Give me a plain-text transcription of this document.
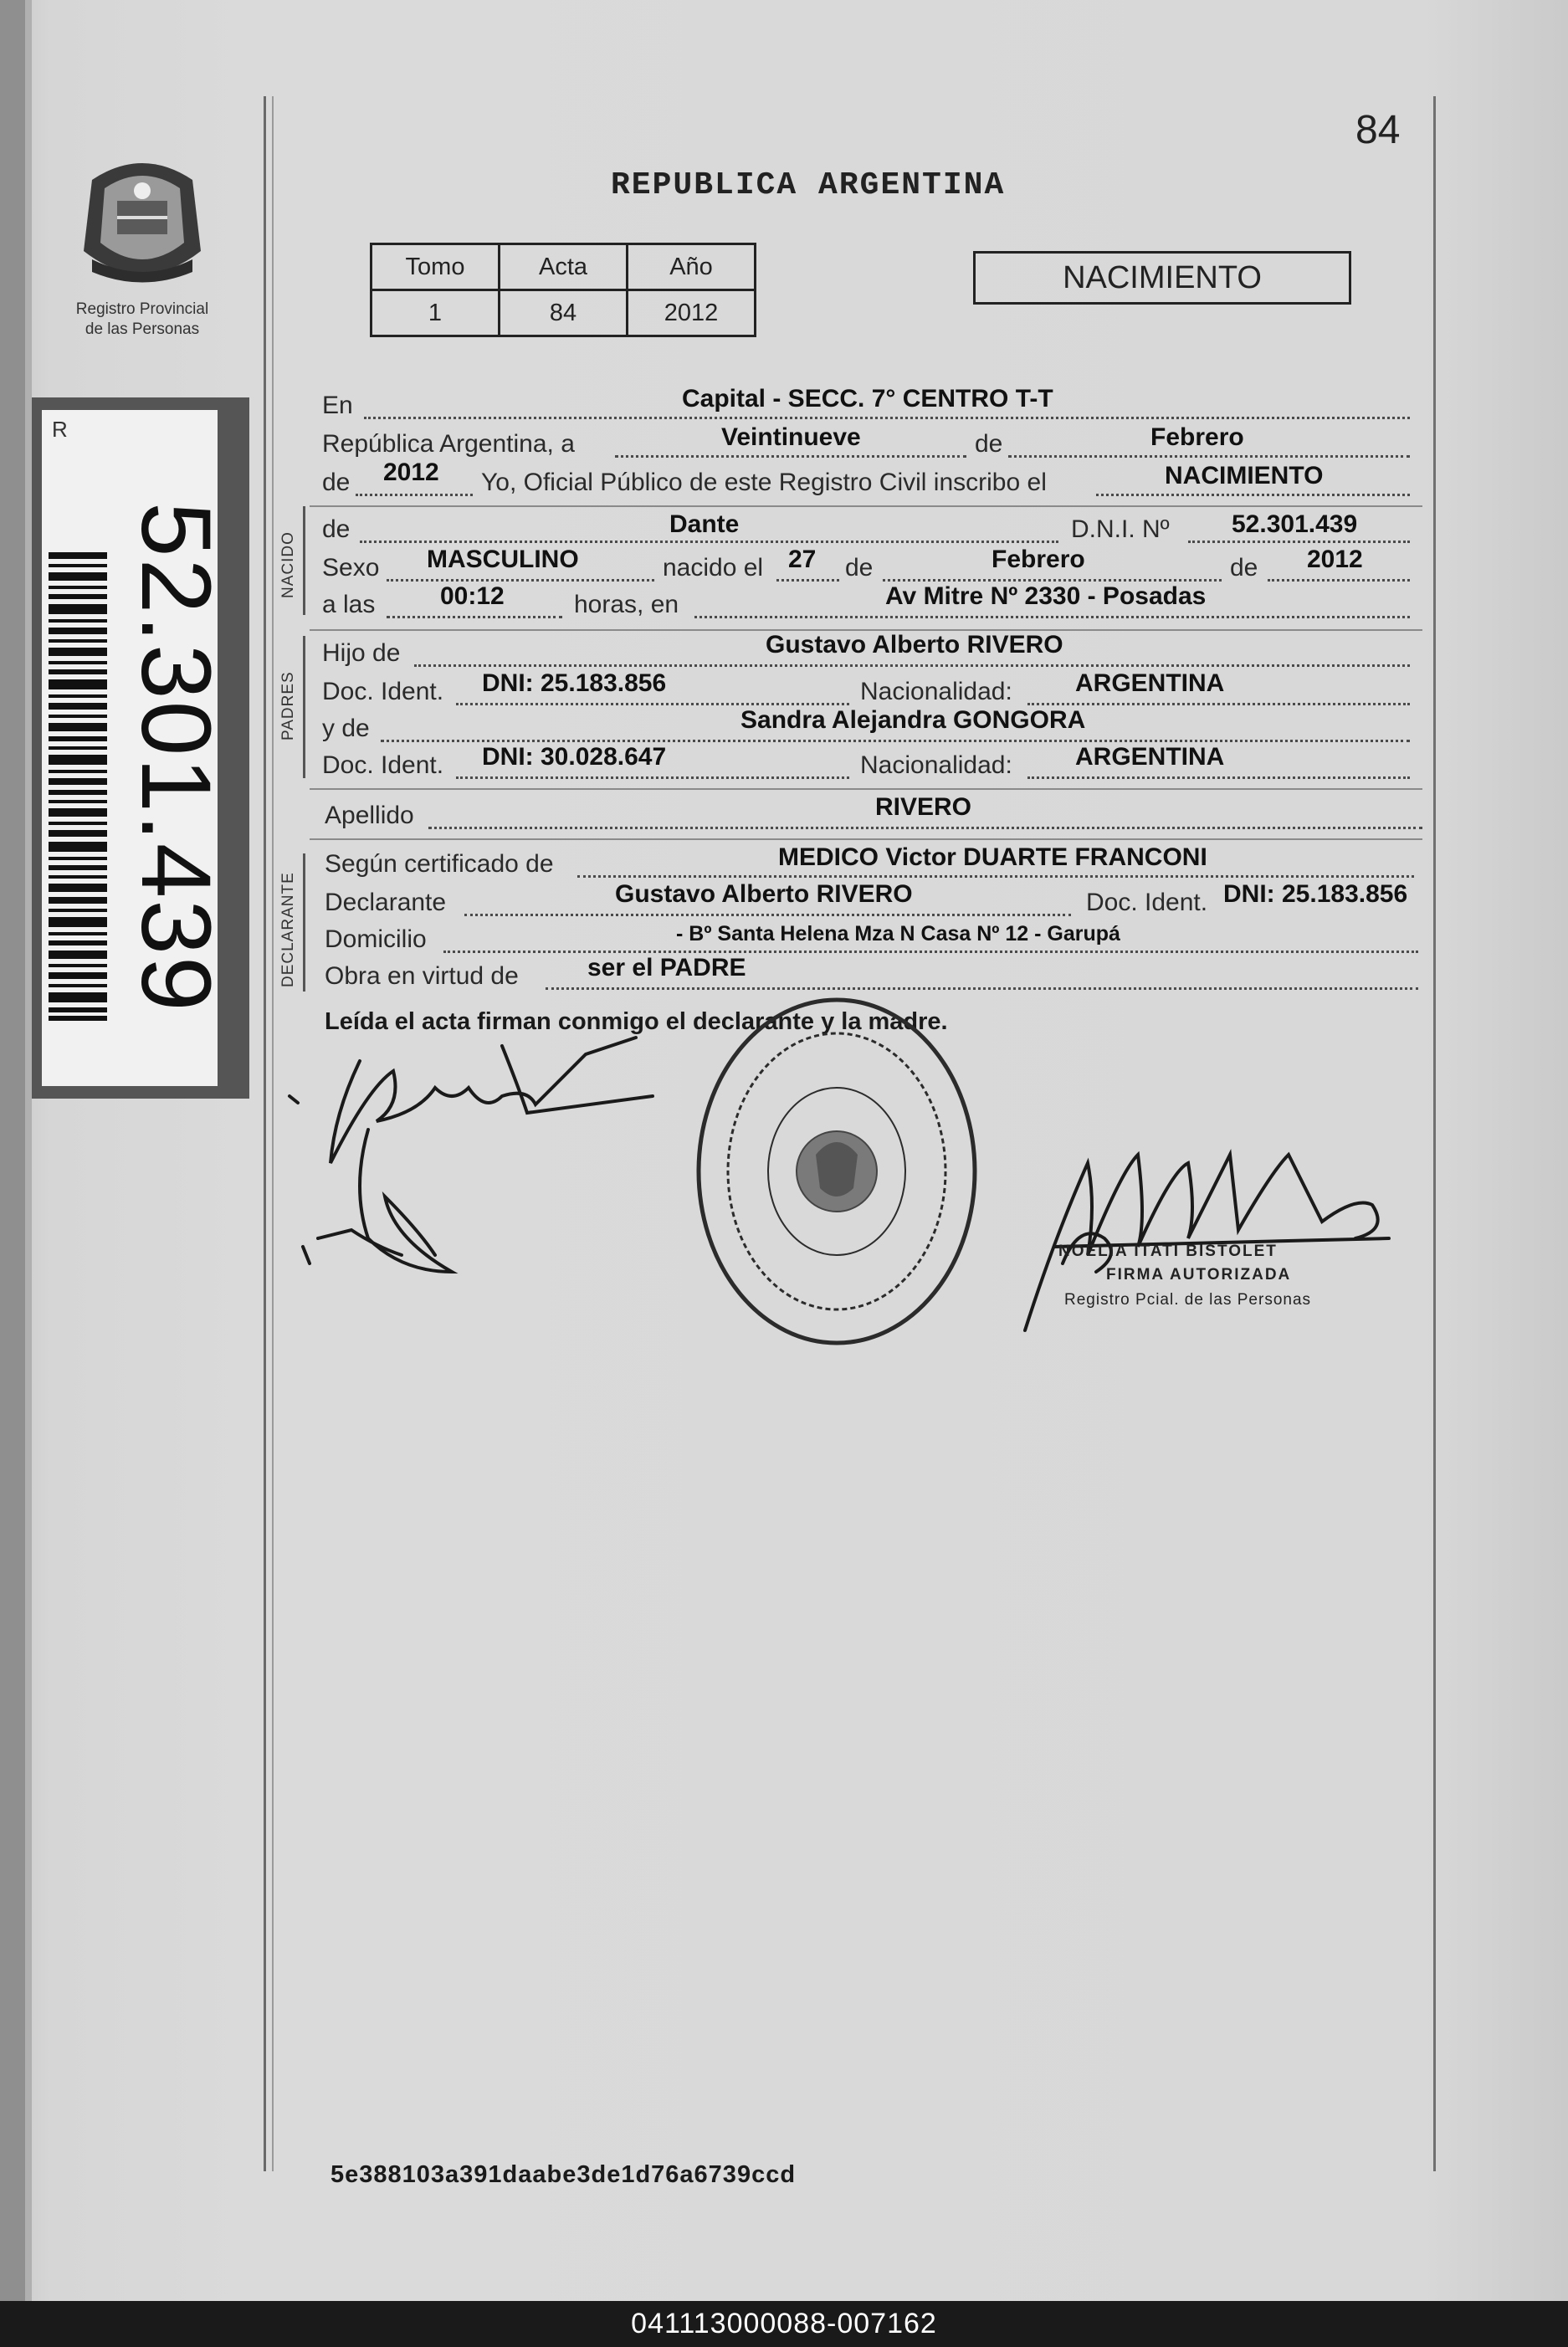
84
REPUBLICA ARGENTINA
Registro Provincial
de las Personas
Tomo	Acta	Año
1	84	2012
NACIMIENTO
R
52.301.439	NACIDO
PADRES
DECLARANTE
En	Capital - SECC. 7° CENTRO T-T
República Argentina, a	Veintinueve	de	Febrero
de 2012 Yo, Oficial Público de este Registro Civil inscribo el	NACIMIENTO
de	Dante	D.N.I. Nº 52.301.439
Sexo MASCULINO	nacido el 27 de	Febrero	de 2012
a las	00:12	horas, en	Av Mitre Nº 2330 - Posadas
Hijo de	Gustavo Alberto RIVERO
Doc. Ident. DNI: 25.183.856	Nacionalidad:	ARGENTINA
y de	Sandra Alejandra GONGORA
Doc. Ident. DNI: 30.028.647	Nacionalidad:	ARGENTINA
Apellido	RIVERO
Según certificado de	MEDICO Victor DUARTE FRANCONI
Declarante	Gustavo Alberto RIVERO	Doc. Ident. DNI: 25.183.856
Domicilio	- Bº Santa Helena Mza N Casa Nº 12 - Garupá
Obra en virtud de	ser el PADRE
Leída el acta firman conmigo el declarante y la madre.
NOELIA ITATI BISTOLET
FIRMA AUTORIZADA
Registro Pcial. de las Personas
5e388103a391daabe3de1d76a6739ccd
041113000088-007162
